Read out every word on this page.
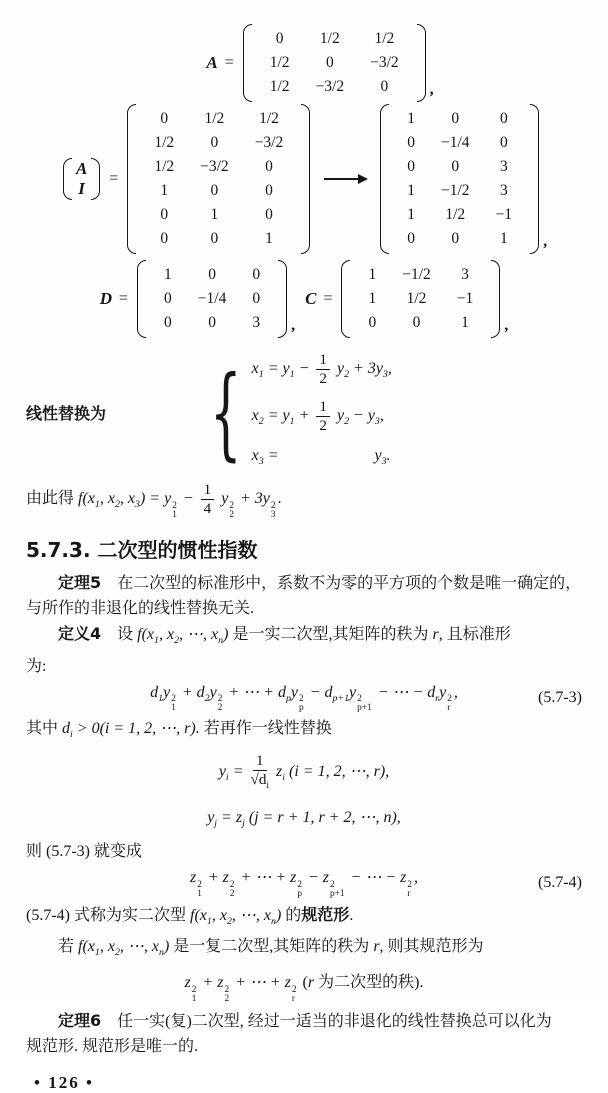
A =
0	1/2	1/2
1/2	0	−3/2
1/2	−3/2	0	,
A
I
=
0	1/2	1/2
1/2	0	−3/2
1/2	−3/2	0
1	0	0
0	1	0
0	0	1
1	0	0
0	−1/4	0
0	0	3
1	−1/2	3
1	1/2	−1
0	0	1	,
D =
1	0	0
0	−1/4	0
0	0	3	,
C =
1	−1/2	3
1	1/2	−1
0	0	1	,
线性替换为 { $x_1 = y_1 - \frac{1}{2} y_2 + 3y_3$,
$x_2 = y_1 + \frac{1}{2} y_2 - y_3$,
$x_3$ =	$y_3$.

由此得 $f(x_1$, $x_2$, $x_3) = y$ 2
1
− $\frac{1}{4}$ y 2
2
+ 3y 2
3
.

5.7.3. 二次型的惯性指数

定理5　在二次型的标准形中，系数不为零的平方项的个数是唯一确定的，
与所作的非退化的线性替换无关.

定义4　设 $f(x_1$, $x_2$, ⋯, $x_n$) 是一实二次型,其矩阵的秩为 r, 且标准形
为:

$d_1y$ 2
1
+ $d_2y$ 2
2
+ ⋯ + $d_py$ 2
p
− $d_{p+1}y$ 2
p+1
− ⋯ − $d_ry$ 2
r
,	(5.7-3)

其中 $d_i > 0(i = 1$, 2, ⋯, r). 若再作一线性替换

$y_i = \frac{1}{√d_i} z_i$ (i = 1, 2, ⋯, r),
$y_j = z_j$ (j = r + 1, r + 2, ⋯, n),

则 (5.7-3) 就变成

z 2
1
+ z 2
2
+ ⋯ + z 2
p
− z 2
p+1
− ⋯ − z 2
r
,	(5.7-4)

(5.7-4) 式称为实二次型 $f(x_1$, $x_2$, ⋯, $x_n$) 的规范形.

若 $f(x_1$, $x_2$, ⋯, $x_n$) 是一复二次型,其矩阵的秩为 r, 则其规范形为

z 2
1
+ z 2
2
+ ⋯ + z 2
r
(r 为二次型的秩).

定理6　任一实(复)二次型, 经过一适当的非退化的线性替换总可以化为
规范形. 规范形是唯一的.

• 126 •
